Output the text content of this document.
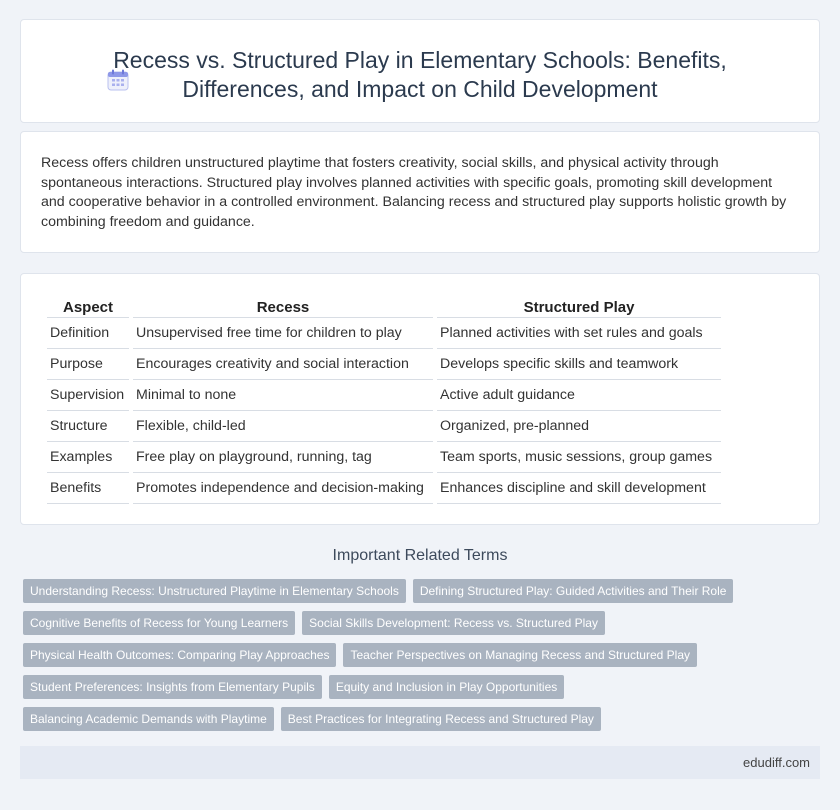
Recess vs. Structured Play in Elementary Schools: Benefits,
Differences, and Impact on Child Development

Recess offers children unstructured playtime that fosters creativity, social skills, and physical activity through spontaneous interactions. Structured play involves planned activities with specific goals, promoting skill development and cooperative behavior in a controlled environment. Balancing recess and structured play supports holistic growth by combining freedom and guidance.

Aspect	Recess	Structured Play
Definition	Unsupervised free time for children to play	Planned activities with set rules and goals
Purpose	Encourages creativity and social interaction	Develops specific skills and teamwork
Supervision	Minimal to none	Active adult guidance
Structure	Flexible, child-led	Organized, pre-planned
Examples	Free play on playground, running, tag	Team sports, music sessions, group games
Benefits	Promotes independence and decision-making	Enhances discipline and skill development
Important Related Terms
Understanding Recess: Unstructured Playtime in Elementary Schools	Defining Structured Play: Guided Activities and Their Role
Cognitive Benefits of Recess for Young Learners	Social Skills Development: Recess vs. Structured Play
Physical Health Outcomes: Comparing Play Approaches	Teacher Perspectives on Managing Recess and Structured Play
Student Preferences: Insights from Elementary Pupils	Equity and Inclusion in Play Opportunities
Balancing Academic Demands with Playtime	Best Practices for Integrating Recess and Structured Play
edudiff.com
